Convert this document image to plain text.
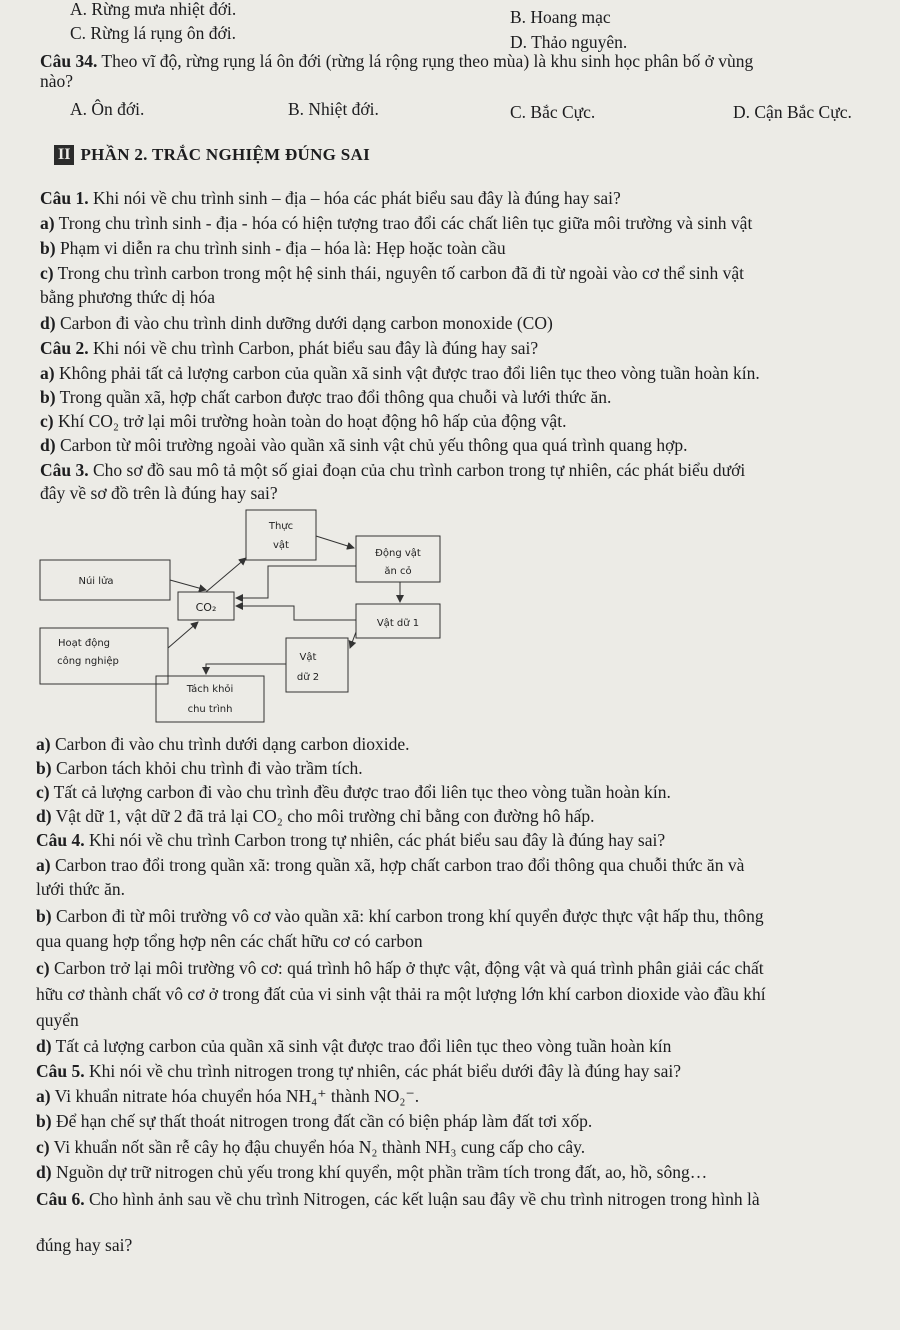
A. Rừng mưa nhiệt đới.	B. Hoang mạc
C. Rừng lá rụng ôn đới.	D. Thảo nguyên.
Câu 34. Theo vĩ độ, rừng rụng lá ôn đới (rừng lá rộng rụng theo mùa) là khu sinh học phân bố ở vùng
nào?
A. Ôn đới.	B. Nhiệt đới.	C. Bắc Cực.	D. Cận Bắc Cực.
II PHẦN 2. TRẮC NGHIỆM ĐÚNG SAI
Câu 1. Khi nói về chu trình sinh – địa – hóa các phát biểu sau đây là đúng hay sai?
a) Trong chu trình sinh - địa - hóa có hiện tượng trao đổi các chất liên tục giữa môi trường và sinh vật
b) Phạm vi diễn ra chu trình sinh - địa – hóa là: Hẹp hoặc toàn cầu
c) Trong chu trình carbon trong một hệ sinh thái, nguyên tố carbon đã đi từ ngoài vào cơ thể sinh vật
bằng phương thức dị hóa
d) Carbon đi vào chu trình dinh dưỡng dưới dạng carbon monoxide (CO)
Câu 2. Khi nói về chu trình Carbon, phát biểu sau đây là đúng hay sai?
a) Không phải tất cả lượng carbon của quần xã sinh vật được trao đổi liên tục theo vòng tuần hoàn kín.
b) Trong quần xã, hợp chất carbon được trao đổi thông qua chuỗi và lưới thức ăn.
c) Khí CO₂ trở lại môi trường hoàn toàn do hoạt động hô hấp của động vật.
d) Carbon từ môi trường ngoài vào quần xã sinh vật chủ yếu thông qua quá trình quang hợp.
Câu 3. Cho sơ đồ sau mô tả một số giai đoạn của chu trình carbon trong tự nhiên, các phát biểu dưới
đây về sơ đồ trên là đúng hay sai?
Thực
vật
Động vật
ăn cỏ
Núi lửa
CO₂
Vật dữ 1
Hoạt động
công nghiệp	Vật
dữ 2
Tách khỏi
chu trình
a) Carbon đi vào chu trình dưới dạng carbon dioxide.
b) Carbon tách khỏi chu trình đi vào trầm tích.
c) Tất cả lượng carbon đi vào chu trình đều được trao đổi liên tục theo vòng tuần hoàn kín.
d) Vật dữ 1, vật dữ 2 đã trả lại CO₂ cho môi trường chỉ bằng con đường hô hấp.
Câu 4. Khi nói về chu trình Carbon trong tự nhiên, các phát biểu sau đây là đúng hay sai?
a) Carbon trao đổi trong quần xã: trong quần xã, hợp chất carbon trao đổi thông qua chuỗi thức ăn và
lưới thức ăn.
b) Carbon đi từ môi trường vô cơ vào quần xã: khí carbon trong khí quyển được thực vật hấp thu, thông
qua quang hợp tổng hợp nên các chất hữu cơ có carbon
c) Carbon trở lại môi trường vô cơ: quá trình hô hấp ở thực vật, động vật và quá trình phân giải các chất
hữu cơ thành chất vô cơ ở trong đất của vi sinh vật thải ra một lượng lớn khí carbon dioxide vào đầu khí
quyển
d) Tất cả lượng carbon của quần xã sinh vật được trao đổi liên tục theo vòng tuần hoàn kín
Câu 5. Khi nói về chu trình nitrogen trong tự nhiên, các phát biểu dưới đây là đúng hay sai?
a) Vi khuẩn nitrate hóa chuyển hóa NH₄⁺ thành NO₂⁻.
b) Để hạn chế sự thất thoát nitrogen trong đất cần có biện pháp làm đất tơi xốp.
c) Vi khuẩn nốt sần rễ cây họ đậu chuyển hóa N₂ thành NH₃ cung cấp cho cây.
d) Nguồn dự trữ nitrogen chủ yếu trong khí quyển, một phần trầm tích trong đất, ao, hồ, sông…
Câu 6. Cho hình ảnh sau về chu trình Nitrogen, các kết luận sau đây về chu trình nitrogen trong hình là
đúng hay sai?
